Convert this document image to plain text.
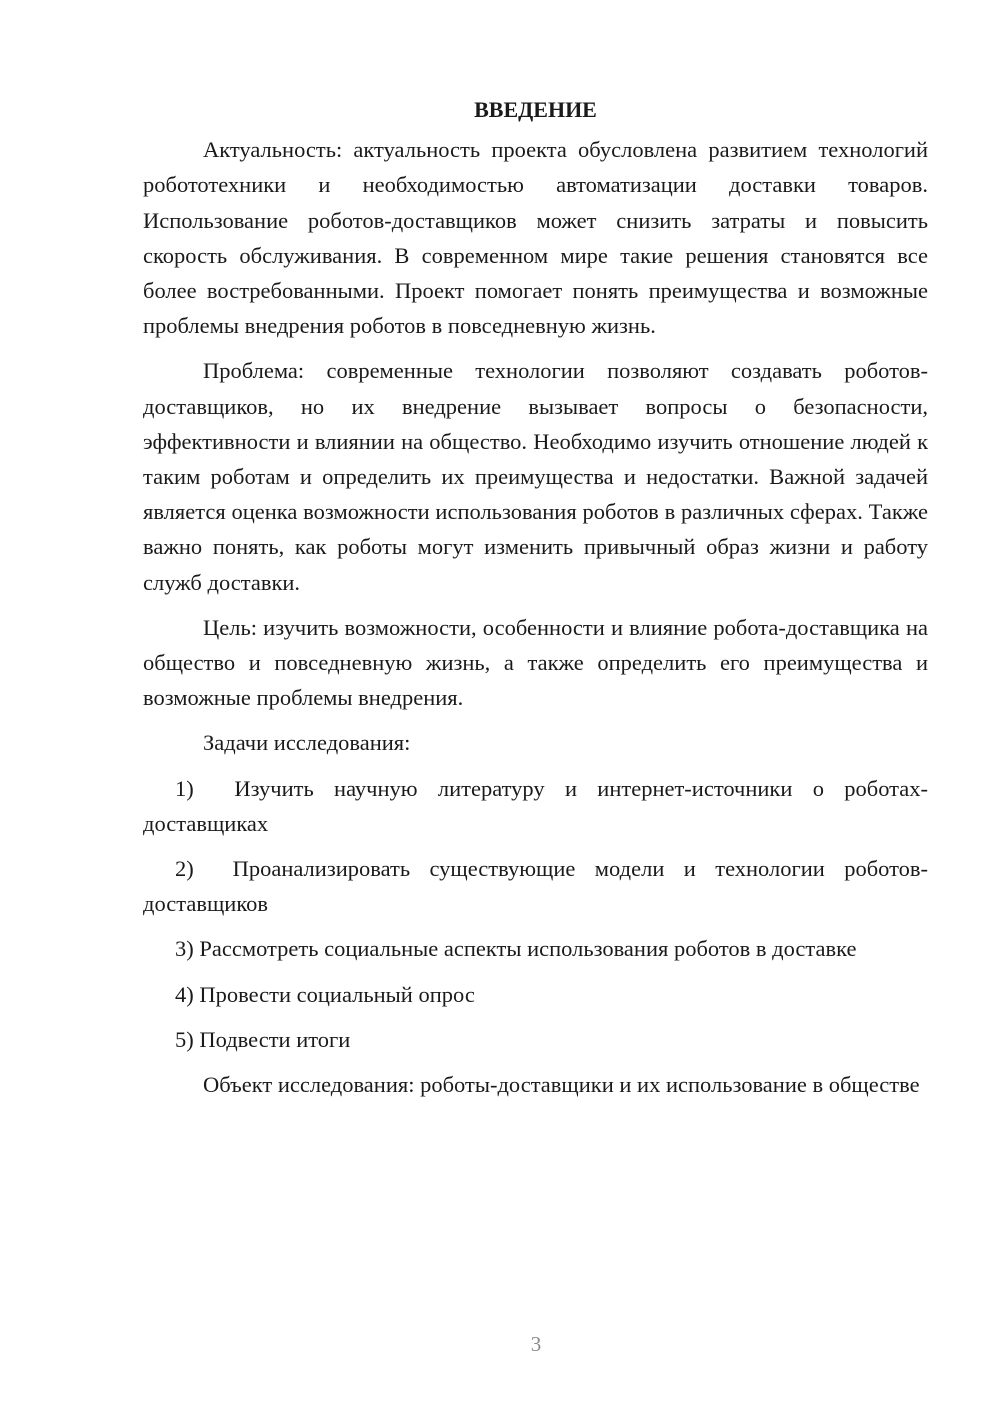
ВВЕДЕНИЕ

Актуальность: актуальность проекта обусловлена развитием технологий робототехники и необходимостью автоматизации доставки товаров. Использование роботов-доставщиков может снизить затраты и повысить скорость обслуживания. В современном мире такие решения становятся все более востребованными. Проект помогает понять преимущества и возможные проблемы внедрения роботов в повседневную жизнь.

Проблема: современные технологии позволяют создавать роботов-доставщиков, но их внедрение вызывает вопросы о безопасности, эффективности и влиянии на общество. Необходимо изучить отношение людей к таким роботам и определить их преимущества и недостатки. Важной задачей является оценка возможности использования роботов в различных сферах. Также важно понять, как роботы могут изменить привычный образ жизни и работу служб доставки.

Цель: изучить возможности, особенности и влияние робота-доставщика на общество и повседневную жизнь, а также определить его преимущества и возможные проблемы внедрения.

Задачи исследования:

1) Изучить научную литературу и интернет-источники о роботах-доставщиках

2) Проанализировать существующие модели и технологии роботов-доставщиков

3) Рассмотреть социальные аспекты использования роботов в доставке

4) Провести социальный опрос

5) Подвести итоги

Объект исследования: роботы-доставщики и их использование в обществе

3
